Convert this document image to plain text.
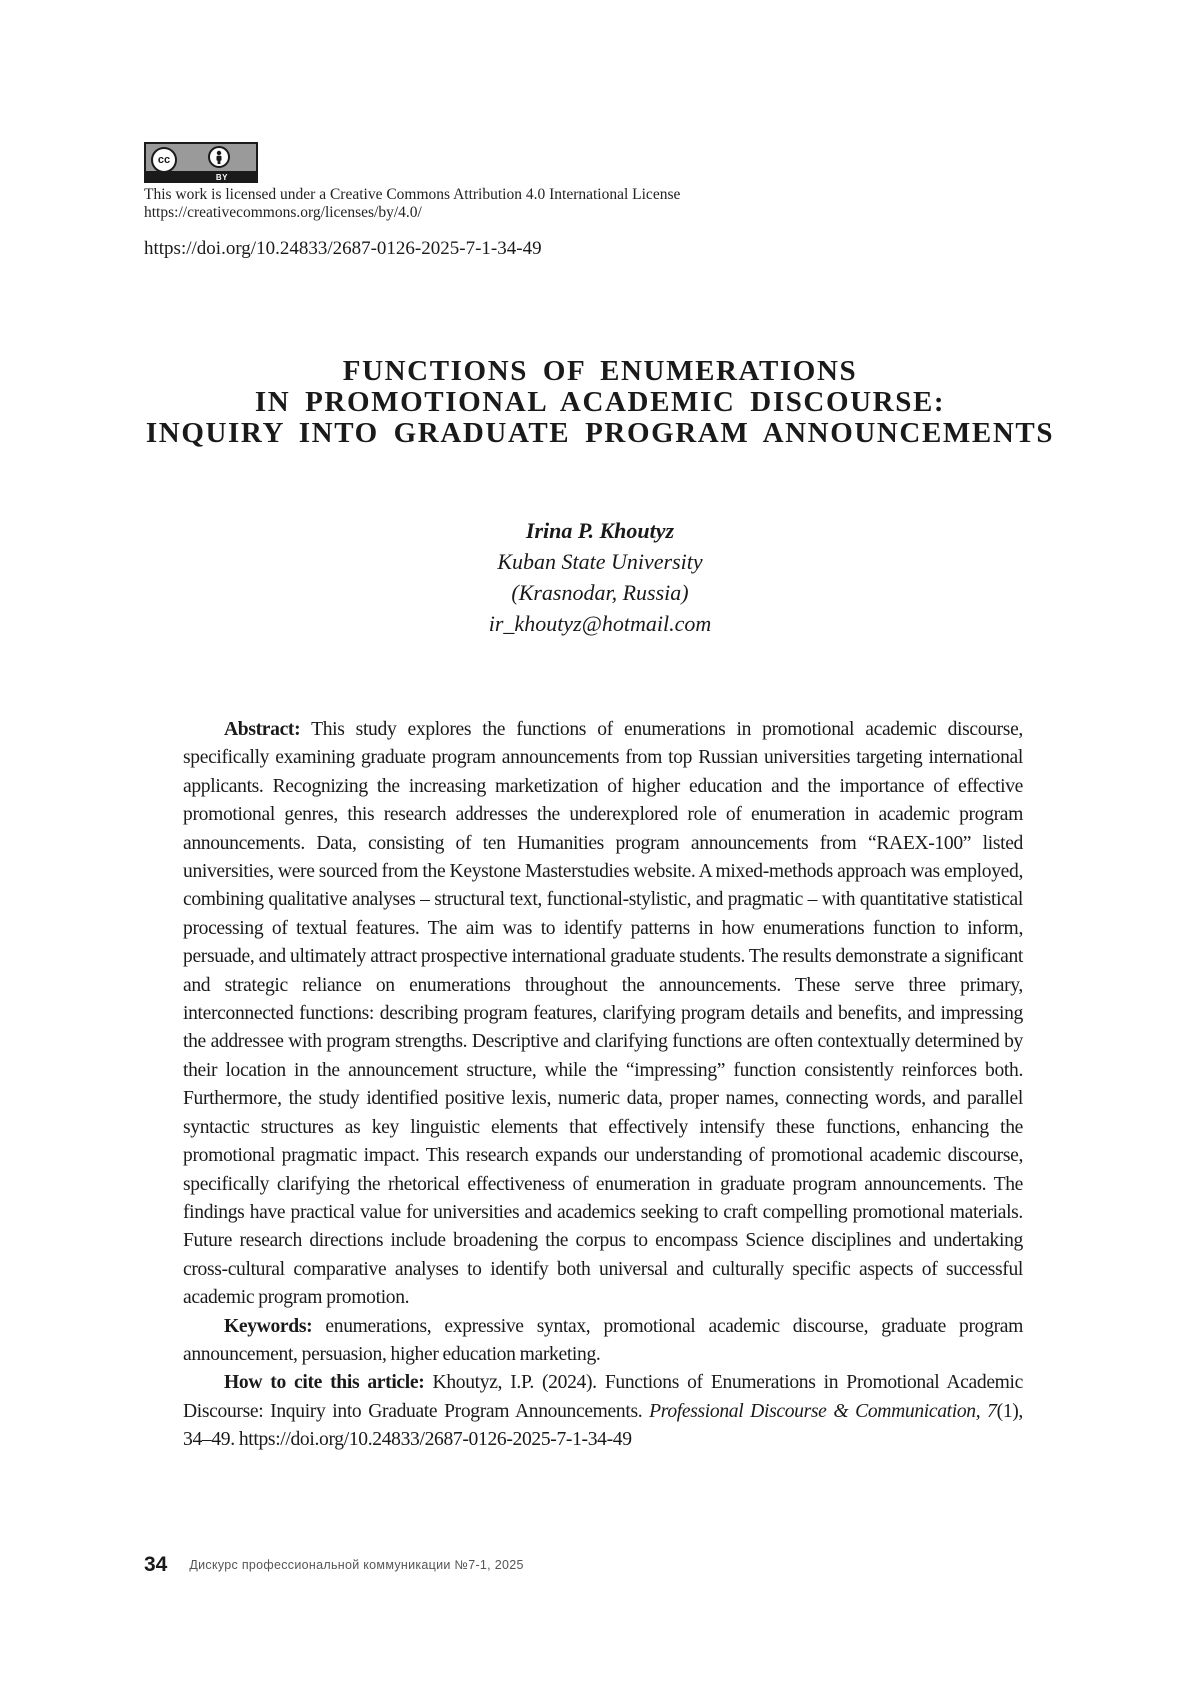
cc
BY
This work is licensed under a Creative Commons Attribution 4.0 International License
https://creativecommons.org/licenses/by/4.0/
https://doi.org/10.24833/2687-0126-2025-7-1-34-49
FUNCTIONS OF ENUMERATIONS
IN PROMOTIONAL ACADEMIC DISCOURSE:
INQUIRY INTO GRADUATE PROGRAM ANNOUNCEMENTS
Irina P. Khoutyz
Kuban State University
(Krasnodar, Russia)
ir_khoutyz@hotmail.com

Abstract: This study explores the functions of enumerations in promotional academic discourse, specifically examining graduate program announcements from top Russian universities targeting international applicants. Recognizing the increasing marketization of higher education and the importance of effective promotional genres, this research addresses the underexplored role of enumeration in academic program announcements. Data, consisting of ten Humanities program announcements from “RAEX-100” listed universities, were sourced from the Keystone Masterstudies website. A mixed-methods approach was employed, combining qualitative analyses – structural text, functional-stylistic, and pragmatic – with quantitative statistical processing of textual features. The aim was to identify patterns in how enumerations function to inform, persuade, and ultimately attract prospective international graduate students. The results demonstrate a significant and strategic reliance on enumerations throughout the announcements. These serve three primary, interconnected functions: describing program features, clarifying program details and benefits, and impressing the addressee with program strengths. Descriptive and clarifying functions are often contextually determined by their location in the announcement structure, while the “impressing” function consistently reinforces both. Furthermore, the study identified positive lexis, numeric data, proper names, connecting words, and parallel syntactic structures as key linguistic elements that effectively intensify these functions, enhancing the promotional pragmatic impact. This research expands our understanding of promotional academic discourse, specifically clarifying the rhetorical effectiveness of enumeration in graduate program announcements. The findings have practical value for universities and academics seeking to craft compelling promotional materials. Future research directions include broadening the corpus to encompass Science disciplines and undertaking cross-cultural comparative analyses to identify both universal and culturally specific aspects of successful academic program promotion.

Keywords: enumerations, expressive syntax, promotional academic discourse, graduate program announcement, persuasion, higher education marketing.

How to cite this article: Khoutyz, I.P. (2024). Functions of Enumerations in Promotional Academic Discourse: Inquiry into Graduate Program Announcements. Professional Discourse & Communication, 7(1), 34–49. https://doi.org/10.24833/2687-0126-2025-7-1-34-49

34 Дискурс профессиональной коммуникации №7-1, 2025
